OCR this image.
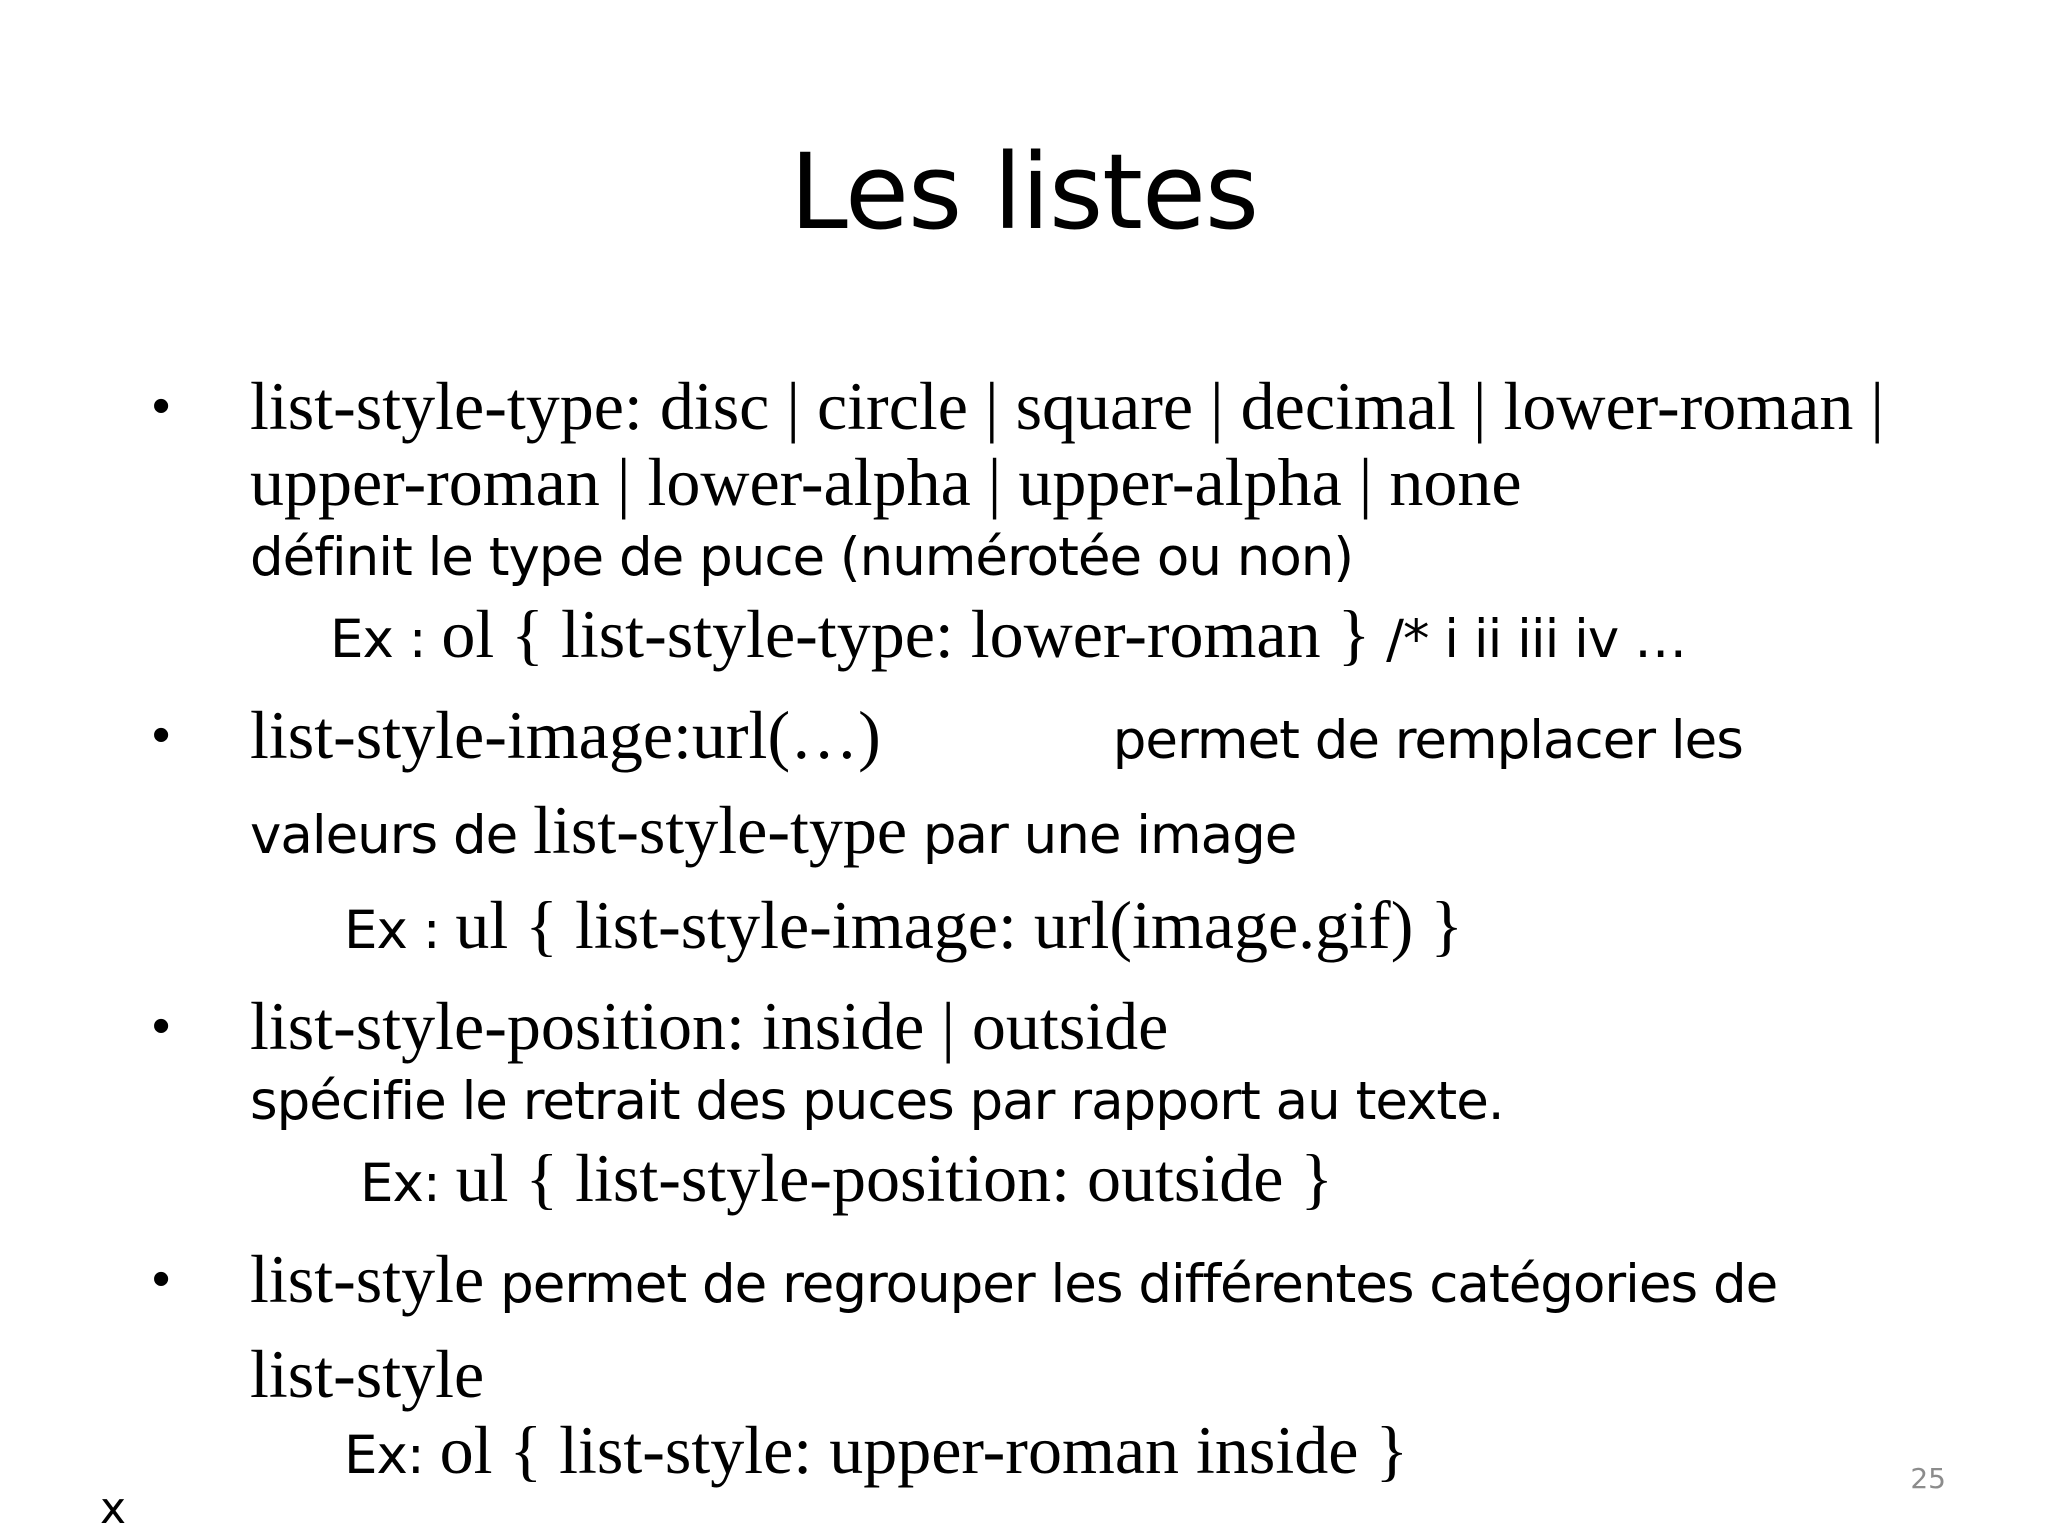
Les listes
• list-style-type: disc | circle | square | decimal | lower-roman |
upper-roman | lower-alpha | upper-alpha | none
définit le type de puce (numérotée ou non)
Ex : ol { list-style-type: lower-roman } /* i ii iii iv …
• list-style-image:url(…)	permet de remplacer les
valeurs de list-style-type par une image
Ex : ul { list-style-image: url(image.gif) }
• list-style-position: inside | outside
spécifie le retrait des puces par rapport au texte.
Ex: ul { list-style-position: outside }
• list-style permet de regrouper les différentes catégories de
list-style
Ex: ol { list-style: upper-roman inside }	25
x
